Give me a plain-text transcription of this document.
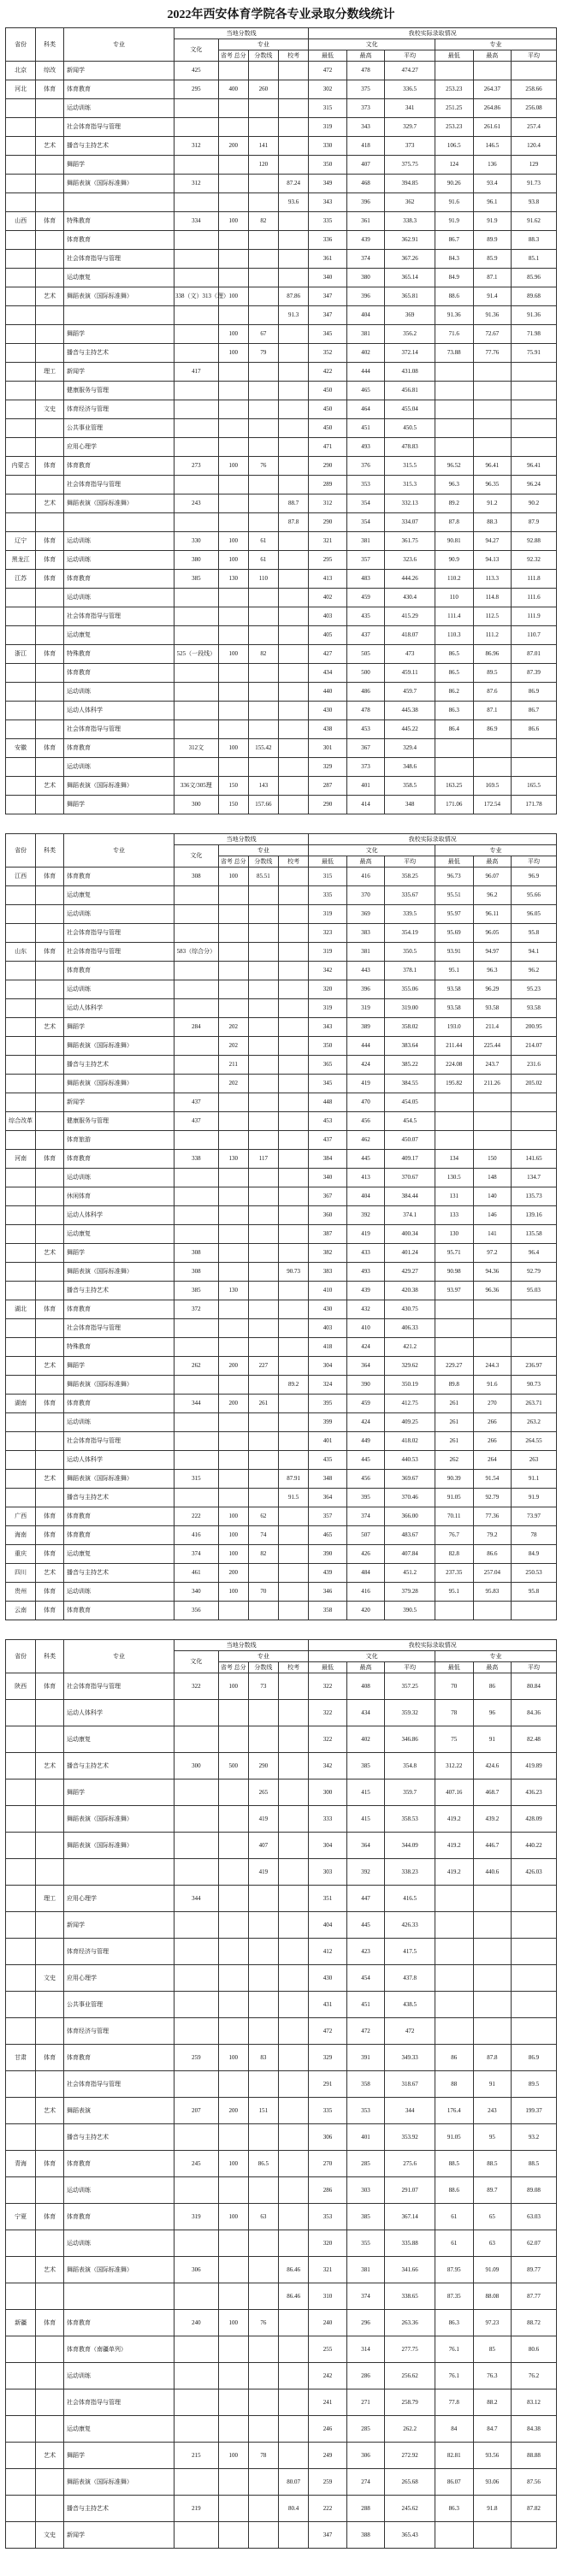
2022年西安体育学院各专业录取分数线统计
省份	科类	专业	当地分数线				我校实际录取情况					
			文化	专业			文化			专业		
				省考 总分	分数线	校考	最低	最高	平均	最低	最高	平均
北京	综改	新闻学	425				472	478	474.27			
河北	体育	体育教育	295	400	260		302	375	336.5	253.23	264.37	258.66
		运动训练					315	373	341	251.25	264.86	256.08
		社会体育指导与管理					319	343	329.7	253.23	261.61	257.4
	艺术	播音与主持艺术	312	200	141		330	418	373	106.5	146.5	120.4
		舞蹈学			120		350	407	375.75	124	136	129
		舞蹈表演（国际标准舞）	312			87.24	349	468	394.85	90.26	93.4	91.73
						93.6	343	396	362	91.6	96.1	93.8
山西	体育	特殊教育	334	100	82		335	361	338.3	91.9	91.9	91.62
		体育教育					336	439	362.91	86.7	89.9	88.3
		社会体育指导与管理					361	374	367.26	84.3	85.9	85.1
		运动康复					340	380	365.14	84.9	87.1	85.96
	艺术	舞蹈表演（国际标准舞）	338（文）313（理）	100		87.86	347	396	365.81	88.6	91.4	89.68
						91.3	347	404	369	91.36	91.36	91.36
		舞蹈学		100	67		345	381	356.2	71.6	72.67	71.98
		播音与主持艺术		100	79		352	402	372.14	73.88	77.76	75.91
	理工	新闻学	417				422	444	431.08			
		健康服务与管理					450	465	456.81			
	文史	体育经济与管理					450	464	455.04			
		公共事业管理					450	451	450.5			
		应用心理学					471	493	478.83			
内蒙古	体育	体育教育	273	100	76		290	376	315.5	96.52	96.41	96.41
		社会体育指导与管理					289	353	315.3	96.3	96.35	96.24
	艺术	舞蹈表演（国际标准舞）	243			88.7	312	354	332.13	89.2	91.2	90.2
						87.8	290	354	334.07	87.8	88.3	87.9
辽宁	体育	运动训练	330	100	61		321	381	361.75	90.81	94.27	92.88
黑龙江	体育	运动训练	380	100	61		295	357	323.6	90.9	94.13	92.32
江苏	体育	体育教育	385	130	110		413	483	444.26	110.2	113.3	111.8
		运动训练					402	459	430.4	110	114.8	111.6
		社会体育指导与管理					403	435	415.29	111.4	112.5	111.9
		运动康复					405	437	418.07	110.3	111.2	110.7
浙江	体育	特殊教育	525（一段线）	100	82		427	505	473	86.5	86.96	87.01
		体育教育					434	500	459.11	86.5	89.5	87.39
		运动训练					440	486	459.7	86.2	87.6	86.9
		运动人体科学					430	478	445.38	86.3	87.1	86.7
		社会体育指导与管理					438	453	445.22	86.4	86.9	86.6
安徽	体育	体育教育	312文	100	155.42		301	367	329.4			
		运动训练					329	373	348.6			
	艺术	舞蹈表演（国际标准舞）	336文/305理	150	143		287	401	358.5	163.25	169.5	165.5
		舞蹈学	300	150	157.66		290	414	348	171.06	172.54	171.78
省份	科类	专业	当地分数线				我校实际录取情况					
			文化	专业			文化			专业		
				省考 总分	分数线	校考	最低	最高	平均	最低	最高	平均
江西	体育	体育教育	308	100	85.51		315	416	358.25	96.73	96.07	96.9
		运动康复					335	370	335.67	95.51	96.2	95.66
		运动训练					319	369	339.5	95.97	96.11	96.05
		社会体育指导与管理					323	383	354.19	95.69	96.05	95.8
山东	体育	社会体育指导与管理	583（综合分）				319	381	350.5	93.91	94.97	94.1
		体育教育					342	443	378.1	95.1	96.3	96.2
		运动训练					320	396	355.06	93.58	96.29	95.23
		运动人体科学					319	319	319.00	93.58	93.58	93.58
	艺术	舞蹈学	284	202			343	389	358.02	193.0	211.4	200.95
		舞蹈表演（国际标准舞）		202			350	444	383.64	211.44	225.44	214.07
		播音与主持艺术		211			365	424	385.22	224.08	243.7	231.6
		舞蹈表演（国际标准舞）		202			345	419	384.55	195.82	211.26	205.02
		新闻学	437				448	470	454.05			
综合改革		健康服务与管理	437				453	456	454.5			
		体育旅游					437	462	450.07			
河南	体育	体育教育	338	130	117		384	445	409.17	134	150	141.65
		运动训练					340	413	370.67	130.5	148	134.7
		休闲体育					367	404	384.44	131	140	135.73
		运动人体科学					360	392	374.1	133	146	139.16
		运动康复					387	419	400.34	130	141	135.58
	艺术	舞蹈学	308				382	433	401.24	95.71	97.2	96.4
		舞蹈表演（国际标准舞）	308			90.73	383	493	429.27	90.98	94.36	92.79
		播音与主持艺术	385	130			410	439	420.38	93.97	96.36	95.03
湖北	体育	体育教育	372				430	432	430.75			
		社会体育指导与管理					403	410	406.33			
		特殊教育					418	424	421.2			
	艺术	舞蹈学	262	200	227		304	364	329.62	229.27	244.3	236.97
		舞蹈表演（国际标准舞）				89.2	324	390	350.19	89.8	91.6	90.73
湖南	体育	体育教育	344	200	261		395	459	412.75	261	270	263.71
		运动训练					399	424	409.25	261	266	263.2
		社会体育指导与管理					401	449	418.02	261	266	264.55
		运动人体科学					435	445	440.53	262	264	263
	艺术	舞蹈表演（国际标准舞）	315			87.91	348	456	369.67	90.39	91.54	91.1
		播音与主持艺术				91.5	364	395	370.46	91.05	92.79	91.9
广西	体育	体育教育	222	100	62		357	374	366.00	70.11	77.36	73.97
海南	体育	体育教育	416	100	74		465	507	483.67	76.7	79.2	78
重庆	体育	运动康复	374	100	82		390	426	407.84	82.8	86.6	84.9
四川	艺术	播音与主持艺术	461	200			439	484	451.2	237.35	257.04	250.53
贵州	体育	运动训练	340	100	70		346	416	379.28	95.1	95.83	95.8
云南	体育	体育教育	356				358	420	390.5			
省份	科类	专业	当地分数线				我校实际录取情况					
			文化	专业			文化			专业		
				省考 总分	分数线	校考	最低	最高	平均	最低	最高	平均
陕西	体育	社会体育指导与管理	322	100	73		322	408	357.25	70	86	80.84
		运动人体科学					322	434	359.32	78	96	84.36
		运动康复					322	402	346.86	75	91	82.48
	艺术	播音与主持艺术	300	500	290		342	385	354.8	312.22	424.6	419.89
		舞蹈学			265		300	415	359.7	407.16	468.7	436.23
		舞蹈表演（国际标准舞）			419		333	415	358.53	419.2	439.2	428.09
		舞蹈表演（国际标准舞）			407		304	364	344.09	419.2	446.7	440.22
					419		303	392	338.23	419.2	440.6	426.03
	理工	应用心理学	344				351	447	416.5			
		新闻学					404	445	426.33			
		体育经济与管理					412	423	417.5			
	文史	应用心理学					430	454	437.8			
		公共事业管理					431	451	438.5			
		体育经济与管理					472	472	472			
甘肃	体育	体育教育	259	100	83		329	391	349.33	86	87.8	86.9
		社会体育指导与管理					291	358	318.67	88	91	89.5
	艺术	舞蹈表演	207	200	151		335	353	344	176.4	243	199.37
		播音与主持艺术					306	401	353.92	91.05	95	93.2
青海	体育	体育教育	245	100	86.5		270	285	275.6	88.5	88.5	88.5
		运动训练					286	303	291.07	88.6	89.7	89.08
宁夏	体育	体育教育	319	100	63		353	385	367.14	61	65	63.03
		运动训练					320	355	335.88	61	63	62.07
	艺术	舞蹈表演（国际标准舞）	306			86.46	321	381	341.66	87.95	91.09	89.77
						86.46	310	374	338.65	87.35	88.08	87.77
新疆	体育	体育教育	240	100	76		240	296	263.36	86.3	97.23	88.72
		体育教育（南疆单列）					255	314	277.75	76.1	85	80.6
		运动训练					242	286	256.62	76.1	76.3	76.2
		社会体育指导与管理					241	271	258.79	77.8	88.2	83.12
		运动康复					246	285	262.2	84	84.7	84.38
	艺术	舞蹈学	215	100	78		249	306	272.92	82.81	93.56	88.88
		舞蹈表演（国际标准舞）				80.07	259	274	265.68	86.07	93.06	87.56
		播音与主持艺术	219			80.4	222	288	245.62	86.3	91.8	87.82
	文史	新闻学					347	388	365.43			
